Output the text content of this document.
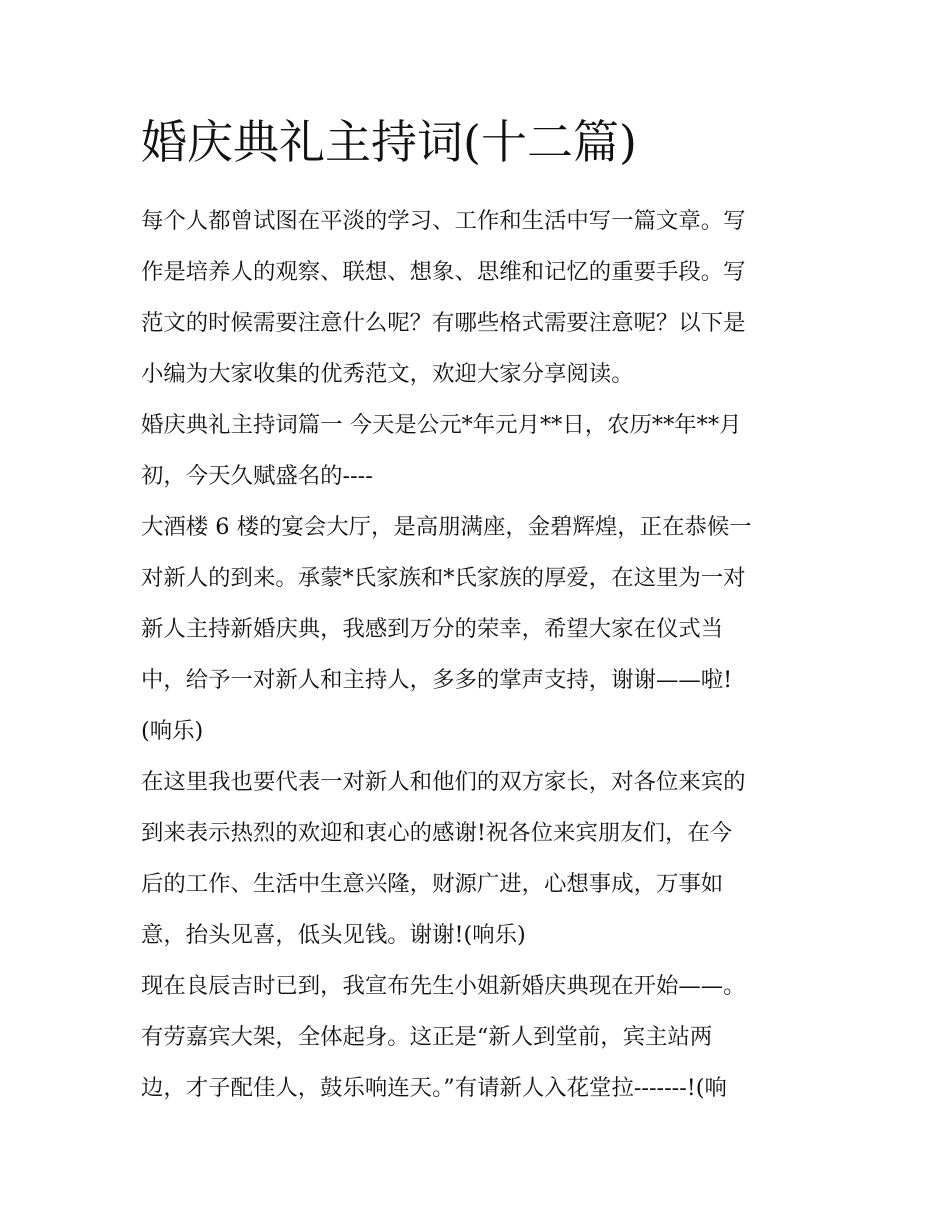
婚庆典礼主持词(十二篇)

每个人都曾试图在平淡的学习、工作和生活中写一篇文章。写

作是培养人的观察、联想、想象、思维和记忆的重要手段。写

范文的时候需要注意什么呢？有哪些格式需要注意呢？以下是

小编为大家收集的优秀范文，欢迎大家分享阅读。

婚庆典礼主持词篇一 今天是公元*年元月**日，农历**年**月

初，今天久赋盛名的----

大酒楼 6 楼的宴会大厅，是高朋满座，金碧辉煌，正在恭候一

对新人的到来。承蒙*氏家族和*氏家族的厚爱，在这里为一对

新人主持新婚庆典，我感到万分的荣幸，希望大家在仪式当

中，给予一对新人和主持人，多多的掌声支持，谢谢——啦!

(响乐)

在这里我也要代表一对新人和他们的双方家长，对各位来宾的

到来表示热烈的欢迎和衷心的感谢!祝各位来宾朋友们，在今

后的工作、生活中生意兴隆，财源广进，心想事成，万事如

意，抬头见喜，低头见钱。谢谢!(响乐)

现在良辰吉时已到，我宣布先生小姐新婚庆典现在开始——。

有劳嘉宾大架，全体起身。这正是“新人到堂前，宾主站两

边，才子配佳人，鼓乐响连天。”有请新人入花堂拉-------!(响
